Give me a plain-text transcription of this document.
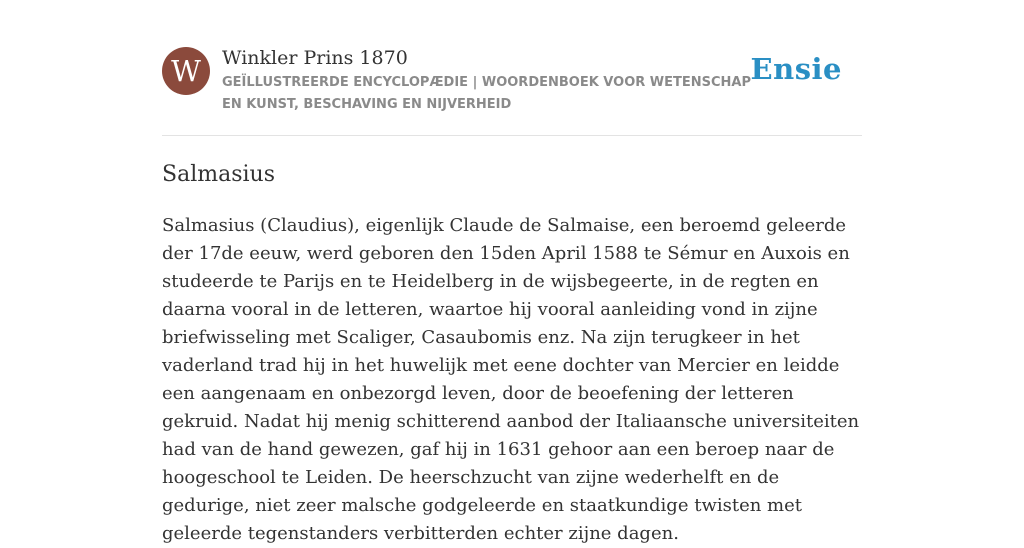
W	Winkler Prins 1870
GEÏLLUSTREERDE ENCYCLOPÆDIE | WOORDENBOEK VOOR WETENSCHAP EN KUNST, BESCHAVING EN NIJVERHEID
Ensie
Salmasius

Salmasius (Claudius), eigenlijk Claude de Salmaise, een beroemd geleerde der 17de eeuw, werd geboren den 15den April 1588 te Sémur en Auxois en studeerde te Parijs en te Heidelberg in de wijsbegeerte, in de regten en daarna vooral in de letteren, waartoe hij vooral aanleiding vond in zijne briefwisseling met Scaliger, Casaubomis enz. Na zijn terugkeer in het vaderland trad hij in het huwelijk met eene dochter van Mercier en leidde een aangenaam en onbezorgd leven, door de beoefening der letteren gekruid. Nadat hij menig schitterend aanbod der Italiaansche universiteiten had van de hand gewezen, gaf hij in 1631 gehoor aan een beroep naar de hoogeschool te Leiden. De heerschzucht van zijne wederhelft en de gedurige, niet zeer malsche godgeleerde en staatkundige twisten met geleerde tegenstanders verbitterden echter zijne dagen.
